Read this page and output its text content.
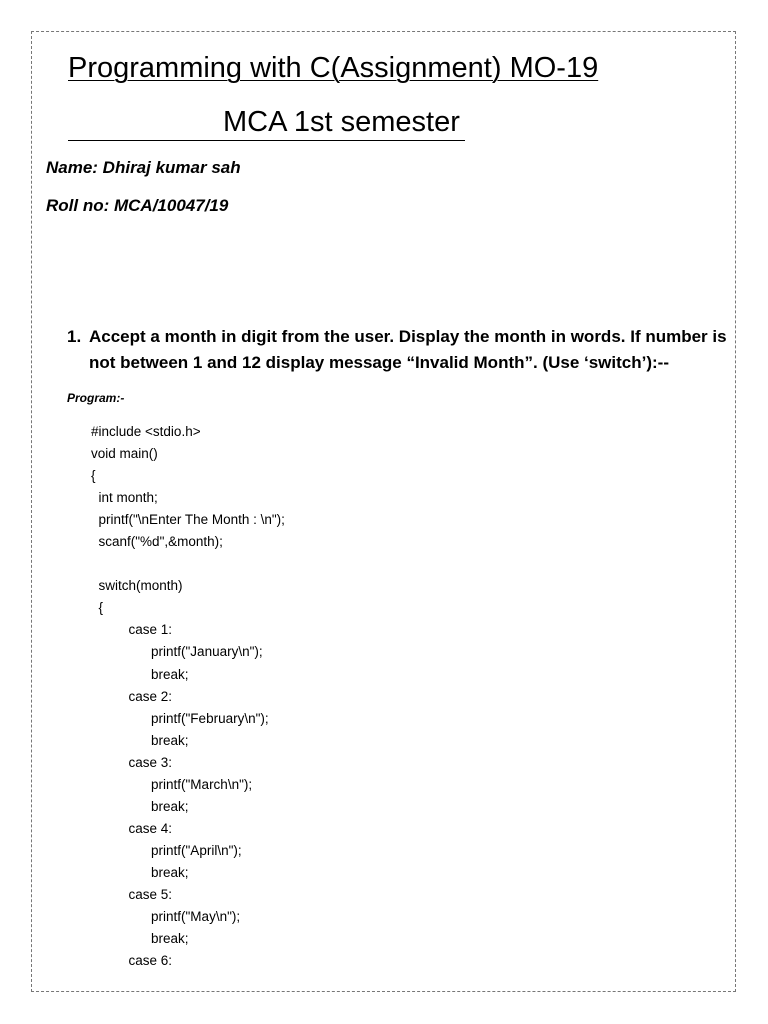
Programming with C(Assignment) MO-19
MCA 1st semester
Name: Dhiraj kumar sah
Roll no: MCA/10047/19
1. Accept a month in digit from the user. Display the month in words. If number is not between 1 and 12 display message “Invalid Month”. (Use ‘switch’):--
Program:-
#include <stdio.h>
void main()
{
int month;
printf("\nEnter The Month : \n");
scanf("%d",&month);

switch(month)
{
case 1:
printf("January\n");
break;
case 2:
printf("February\n");
break;
case 3:
printf("March\n");
break;
case 4:
printf("April\n");
break;
case 5:
printf("May\n");
break;
case 6:
